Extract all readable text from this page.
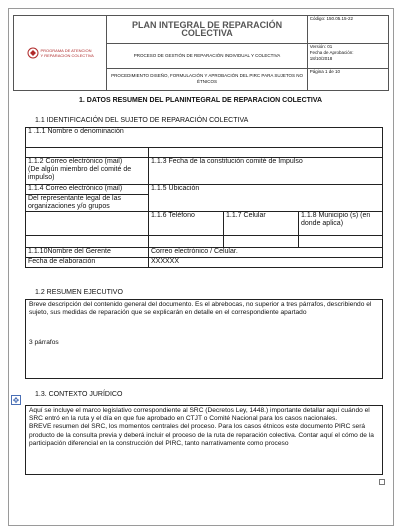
PROGRAMA DE ATENCION
Y REPARACION COLECTIVA	PLAN INTEGRAL DE REPARACIÓN COLECTIVA	Código: 150.05.15-22
	PROCESO DE GESTIÓN DE REPARACIÓN INDIVIDUAL Y COLECTIVA	Versión: 01
Fecha de Aprobación:
18/10/2018

	PROCEDIMIENTO DISEÑO, FORMULACIÓN Y APROBACIÓN DEL PIRC PARA SUJETOS NO ÉTNICOS	Página 1 de 10
1. DATOS RESUMEN DEL PLANINTEGRAL DE REPARACION COLECTIVA
1.1 IDENTIFICACIÓN DEL SUJETO DE REPARACIÓN COLECTIVA
1 .1.1 Nombre o denominación			

1.1.2 Correo electrónico (mail)
(De algún miembro del comité de impulso)	1.1.3 Fecha de la constitución comité de Impulso		
1.1.4 Correo electrónico (mail)	1.1.5 Ubicación		
Del representante legal de las organizaciones y/o grupos			
	1.1.6 Teléfono	1.1.7 Celular	1.1.8 Municipio (s) (en donde aplica)

1.1.10Nombre del Gerente	Correo electrónico / Celular.		
Fecha de elaboración	XXXXXX		
1.2 RESUMEN EJECUTIVO
Breve descripción del contenido general del documento. Es el abrebocas, no superior a tres párrafos, describiendo el sujeto, sus medidas de reparación que se explicarán en detalle en el correspondiente apartado
3 párrafos
1.3. CONTEXTO JURÍDICO
✥
Aquí se incluye el marco legislativo correspondiente al SRC (Decretos Ley, 1448.) importante detallar aquí cuándo el SRC entró en la ruta y el día en que fue aprobado en CTJT o Comité Nacional para los casos nacionales.
BREVE resumen del SRC, los momentos centrales del proceso. Para los casos étnicos este documento PIRC será producto de la consulta previa y deberá incluir el proceso de la ruta de reparación colectiva. Contar aquí el cómo de la participación diferencial en la construcción del PIRC, tanto narrativamente como proceso
